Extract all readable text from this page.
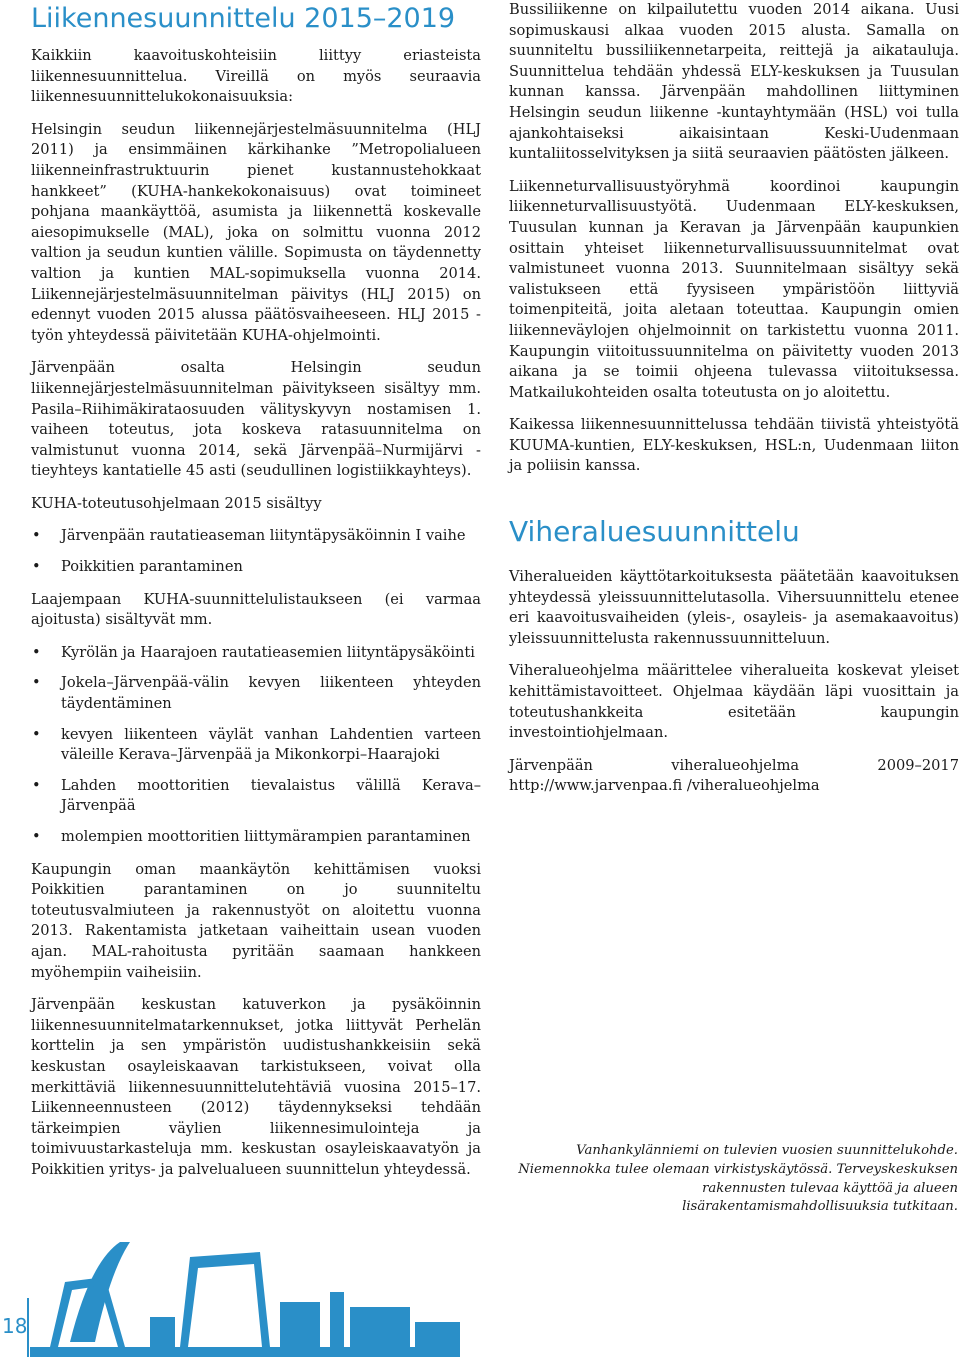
Liikennesuunnittelu 2015–2019

Kaikkiin kaavoituskohteisiin liittyy eriasteista liikennesuunnittelua. Vireillä on myös seuraavia liikennesuunnittelukokonaisuuksia:

Helsingin seudun liikennejärjestelmäsuunnitelma (HLJ 2011) ja ensimmäinen kärkihanke ”Metropolialueen liikenneinfrastruktuurin pienet kustannustehokkaat hankkeet” (KUHA-hankekokonaisuus) ovat toimineet pohjana maankäyttöä, asumista ja liikennettä koskevalle aiesopimukselle (MAL), joka on solmittu vuonna 2012 valtion ja seudun kuntien välille. Sopimusta on täydennetty valtion ja kuntien MAL-sopimuksella vuonna 2014. Liikennejärjestelmäsuunnitelman päivitys (HLJ 2015) on edennyt vuoden 2015 alussa päätösvaiheeseen. HLJ 2015 -työn yhteydessä päivitetään KUHA-ohjelmointi.

Järvenpään osalta Helsingin seudun liikennejärjestelmäsuunnitelman päivitykseen sisältyy mm. Pasila–Riihimäkirataosuuden välityskyvyn nostamisen 1. vaiheen toteutus, jota koskeva ratasuunnitelma on valmistunut vuonna 2014, sekä Järvenpää–Nurmijärvi -tieyhteys kantatielle 45 asti (seudullinen logistiikkayhteys).

KUHA-toteutusohjelmaan 2015 sisältyy

• Järvenpään rautatieaseman liityntäpysäköinnin I vaihe
• Poikkitien parantaminen

Laajempaan KUHA-suunnittelulistaukseen (ei varmaa ajoitusta) sisältyvät mm.

• Kyrölän ja Haarajoen rautatieasemien liityntäpysäköinti
• Jokela–Järvenpää-välin kevyen liikenteen yhteyden täydentäminen
• kevyen liikenteen väylät vanhan Lahdentien varteen väleille Kerava–Järvenpää ja Mikonkorpi–Haarajoki
• Lahden moottoritien tievalaistus välillä Kerava–Järvenpää
• molempien moottoritien liittymärampien parantaminen

Kaupungin oman maankäytön kehittämisen vuoksi Poikkitien parantaminen on jo suunniteltu toteutusvalmiuteen ja rakennustyöt on aloitettu vuonna 2013. Rakentamista jatketaan vaiheittain usean vuoden ajan. MAL-rahoitusta pyritään saamaan hankkeen myöhempiin vaiheisiin.

Järvenpään keskustan katuverkon ja pysäköinnin liikennesuunnitelmatarkennukset, jotka liittyvät Perhelän korttelin ja sen ympäristön uudistushankkeisiin sekä keskustan osayleiskaavan tarkistukseen, voivat olla merkittäviä liikennesuunnittelutehtäviä vuosina 2015–17. Liikenneennusteen (2012) täydennykseksi tehdään tärkeimpien väylien liikennesimulointeja ja toimivuustarkasteluja mm. keskustan osayleiskaavatyön ja Poikkitien yritys- ja palvelualueen suunnittelun yhteydessä.

Bussiliikenne on kilpailutettu vuoden 2014 aikana. Uusi sopimuskausi alkaa vuoden 2015 alusta. Samalla on suunniteltu bussiliikennetarpeita, reittejä ja aikatauluja. Suunnittelua tehdään yhdessä ELY-keskuksen ja Tuusulan kunnan kanssa. Järvenpään mahdollinen liittyminen Helsingin seudun liikenne -kuntayhtymään (HSL) voi tulla ajankohtaiseksi aikaisintaan Keski-Uudenmaan kuntaliitosselvityksen ja siitä seuraavien päätösten jälkeen.

Liikenneturvallisuustyöryhmä koordinoi kaupungin liikenneturvallisuustyötä. Uudenmaan ELY-keskuksen, Tuusulan kunnan ja Keravan ja Järvenpään kaupunkien osittain yhteiset liikenneturvallisuussuunnitelmat ovat valmistuneet vuonna 2013. Suunnitelmaan sisältyy sekä valistukseen että fyysiseen ympäristöön liittyviä toimenpiteitä, joita aletaan toteuttaa. Kaupungin omien liikenneväylojen ohjelmoinnit on tarkistettu vuonna 2011. Kaupungin viitoitussuunnitelma on päivitetty vuoden 2013 aikana ja se toimii ohjeena tulevassa viitoituksessa. Matkailukohteiden osalta toteutusta on jo aloitettu.

Kaikessa liikennesuunnittelussa tehdään tiivistä yhteistyötä KUUMA-kuntien, ELY-keskuksen, HSL:n, Uudenmaan liiton ja poliisin kanssa.

Viheraluesuunnittelu

Viheralueiden käyttötarkoituksesta päätetään kaavoituksen yhteydessä yleissuunnittelutasolla. Vihersuunnittelu etenee eri kaavoitusvaiheiden (yleis-, osayleis- ja asemakaavoitus) yleissuunnittelusta rakennussuunnitteluun.

Viheralueohjelma määrittelee viheralueita koskevat yleiset kehittämistavoitteet. Ohjelmaa käydään läpi vuosittain ja toteutushankkeita esitetään kaupungin investointiohjelmaan.

Järvenpään viheralueohjelma 2009–2017 http://www.jarvenpaa.fi /viheralueohjelma

Vanhankylänniemi on tulevien vuosien suunnittelukohde. Niemennokka tulee olemaan virkistyskäytössä. Terveyskeskuksen rakennusten tulevaa käyttöä ja alueen lisärakentamismahdollisuuksia tutkitaan.

18
